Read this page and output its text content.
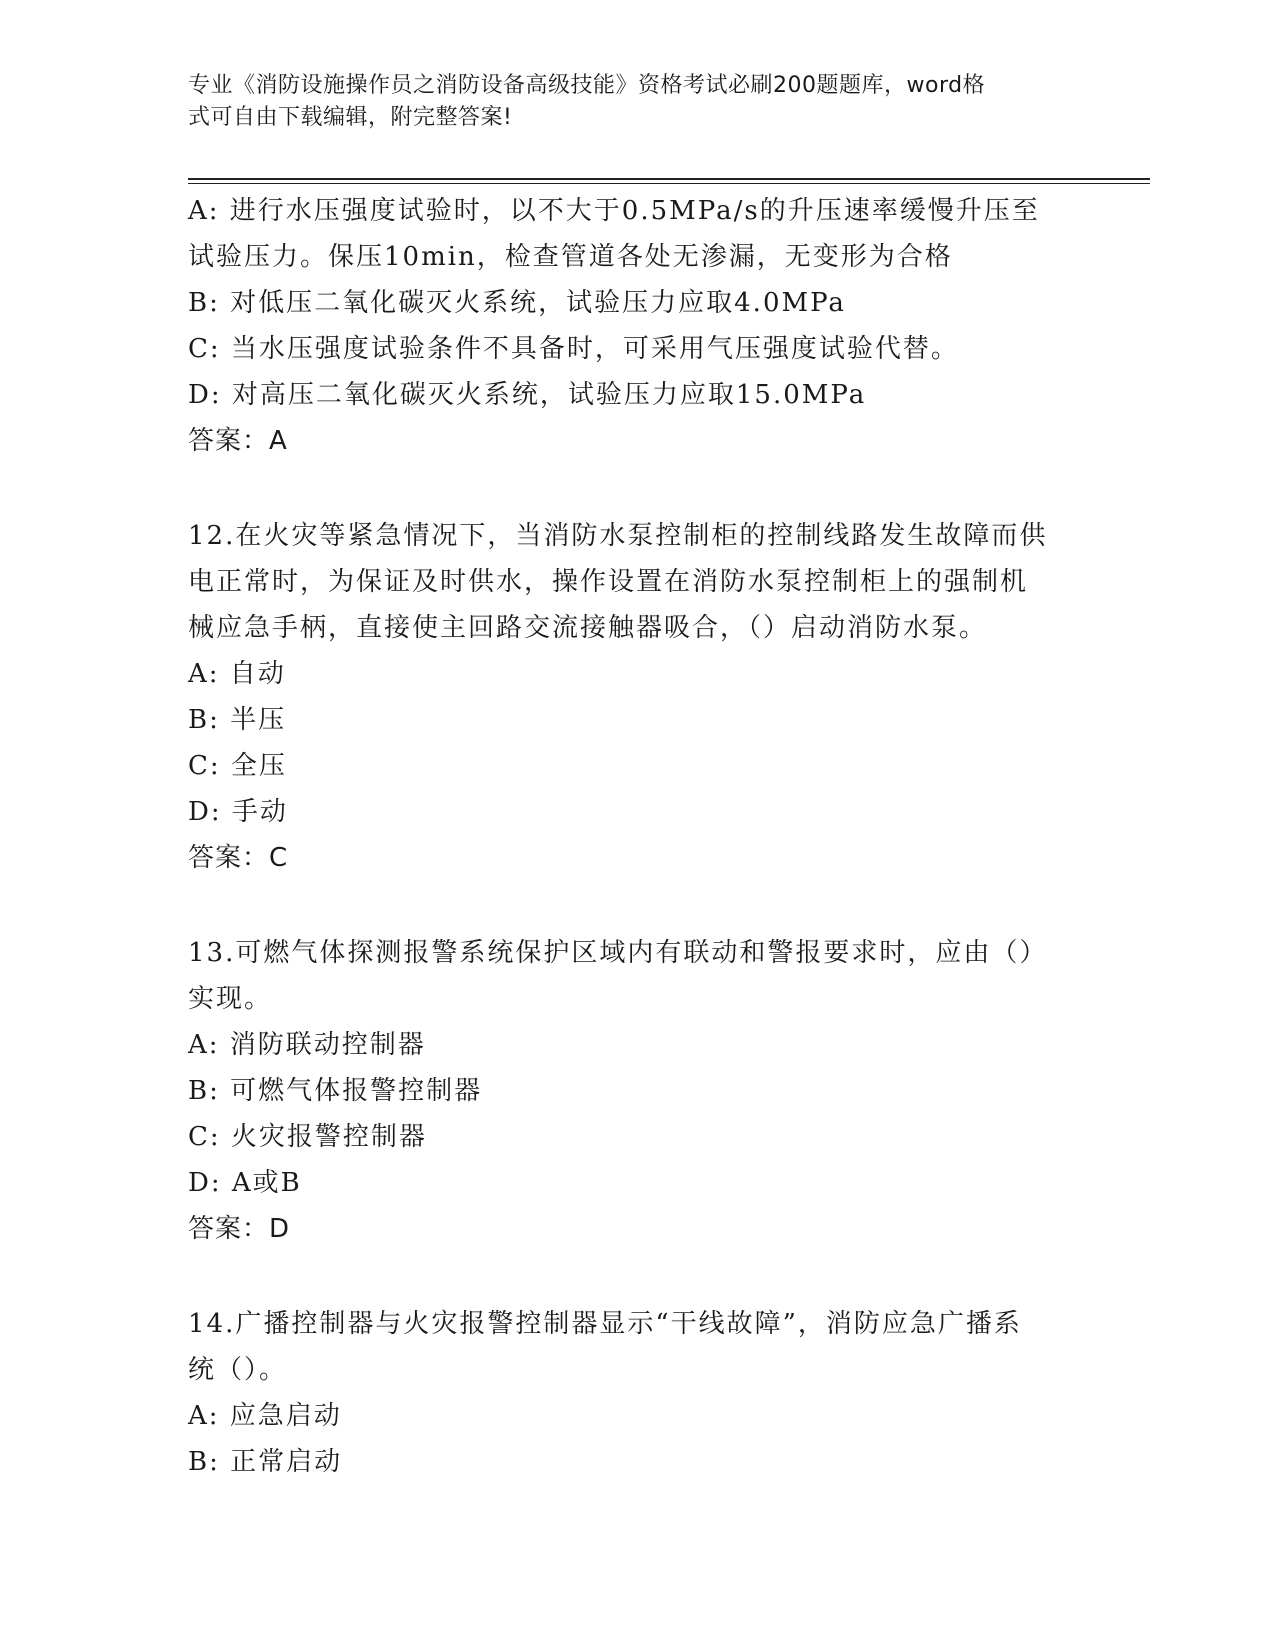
专业《消防设施操作员之消防设备高级技能》资格考试必刷200题题库，word格
式可自由下载编辑，附完整答案!
A: 进行水压强度试验时，以不大于0.5MPa/s的升压速率缓慢升压至
试验压力。保压10min，检查管道各处无渗漏，无变形为合格
B: 对低压二氧化碳灭火系统，试验压力应取4.0MPa
C: 当水压强度试验条件不具备时，可采用气压强度试验代替。
D: 对高压二氧化碳灭火系统，试验压力应取15.0MPa
答案：A
12.在火灾等紧急情况下，当消防水泵控制柜的控制线路发生故障而供
电正常时，为保证及时供水，操作设置在消防水泵控制柜上的强制机
械应急手柄，直接使主回路交流接触器吸合，（）启动消防水泵。
A: 自动
B: 半压
C: 全压
D: 手动
答案：C
13.可燃气体探测报警系统保护区域内有联动和警报要求时，应由（）
实现。
A: 消防联动控制器
B: 可燃气体报警控制器
C: 火灾报警控制器
D: A或B
答案：D
14.广播控制器与火灾报警控制器显示“干线故障”，消防应急广播系
统（）。
A: 应急启动
B: 正常启动
